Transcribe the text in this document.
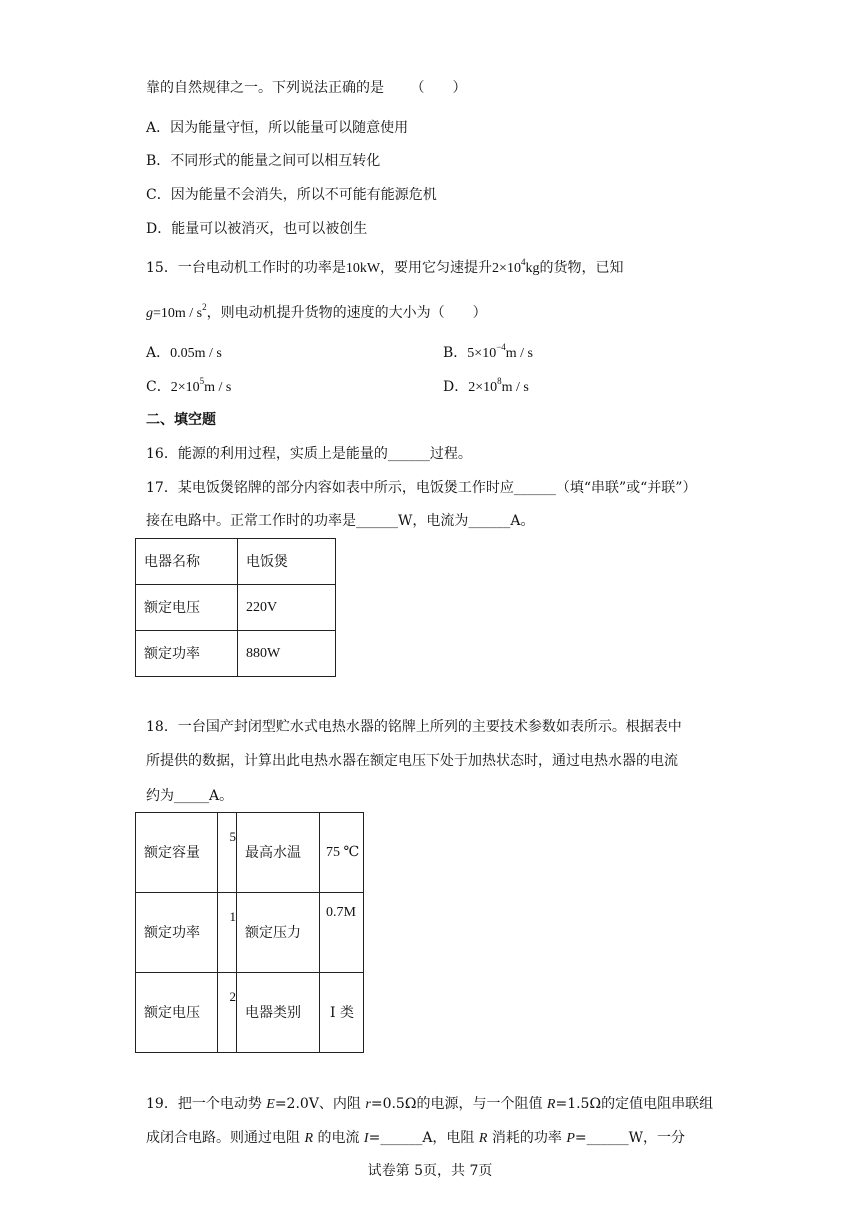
靠的自然规律之一。下列说法正确的是 （　　）
A．因为能量守恒，所以能量可以随意使用
B．不同形式的能量之间可以相互转化
C．因为能量不会消失，所以不可能有能源危机
D．能量可以被消灭，也可以被创生
15．一台电动机工作时的功率是10kW，要用它匀速提升$2\times 10^4kg$的货物，已知
$g=10m / s^2$，则电动机提升货物的速度的大小为（　　）
A．0.05m / s	B．$5\times 10^{-4}m / s$
C．$2\times 10^5m / s$	D．$2\times 10^8m / s$
二、填空题
16．能源的利用过程，实质上是能量的______过程。
17．某电饭煲铭牌的部分内容如表中所示，电饭煲工作时应______（填“串联”或“并联”）
接在电路中。正常工作时的功率是______W，电流为______A。
电器名称	电饭煲
额定电压	220V
额定功率	880W
18．一台国产封闭型贮水式电热水器的铭牌上所列的主要技术参数如表所示。根据表中
所提供的数据，计算出此电热水器在额定电压下处于加热状态时，通过电热水器的电流
约为_____A。
额定容量	5	最高水温	75 ℃
额定功率	1	额定压力	0.7M
额定电压	2	电器类别	Ⅰ 类
19．把一个电动势 E=2.0V、内阻 r=0.5Ω的电源，与一个阻值 R=1.5Ω的定值电阻串联组
成闭合电路。则通过电阻 R 的电流 I=______A，电阻 R 消耗的功率 P=______W，一分
试卷第 5页，共 7页
